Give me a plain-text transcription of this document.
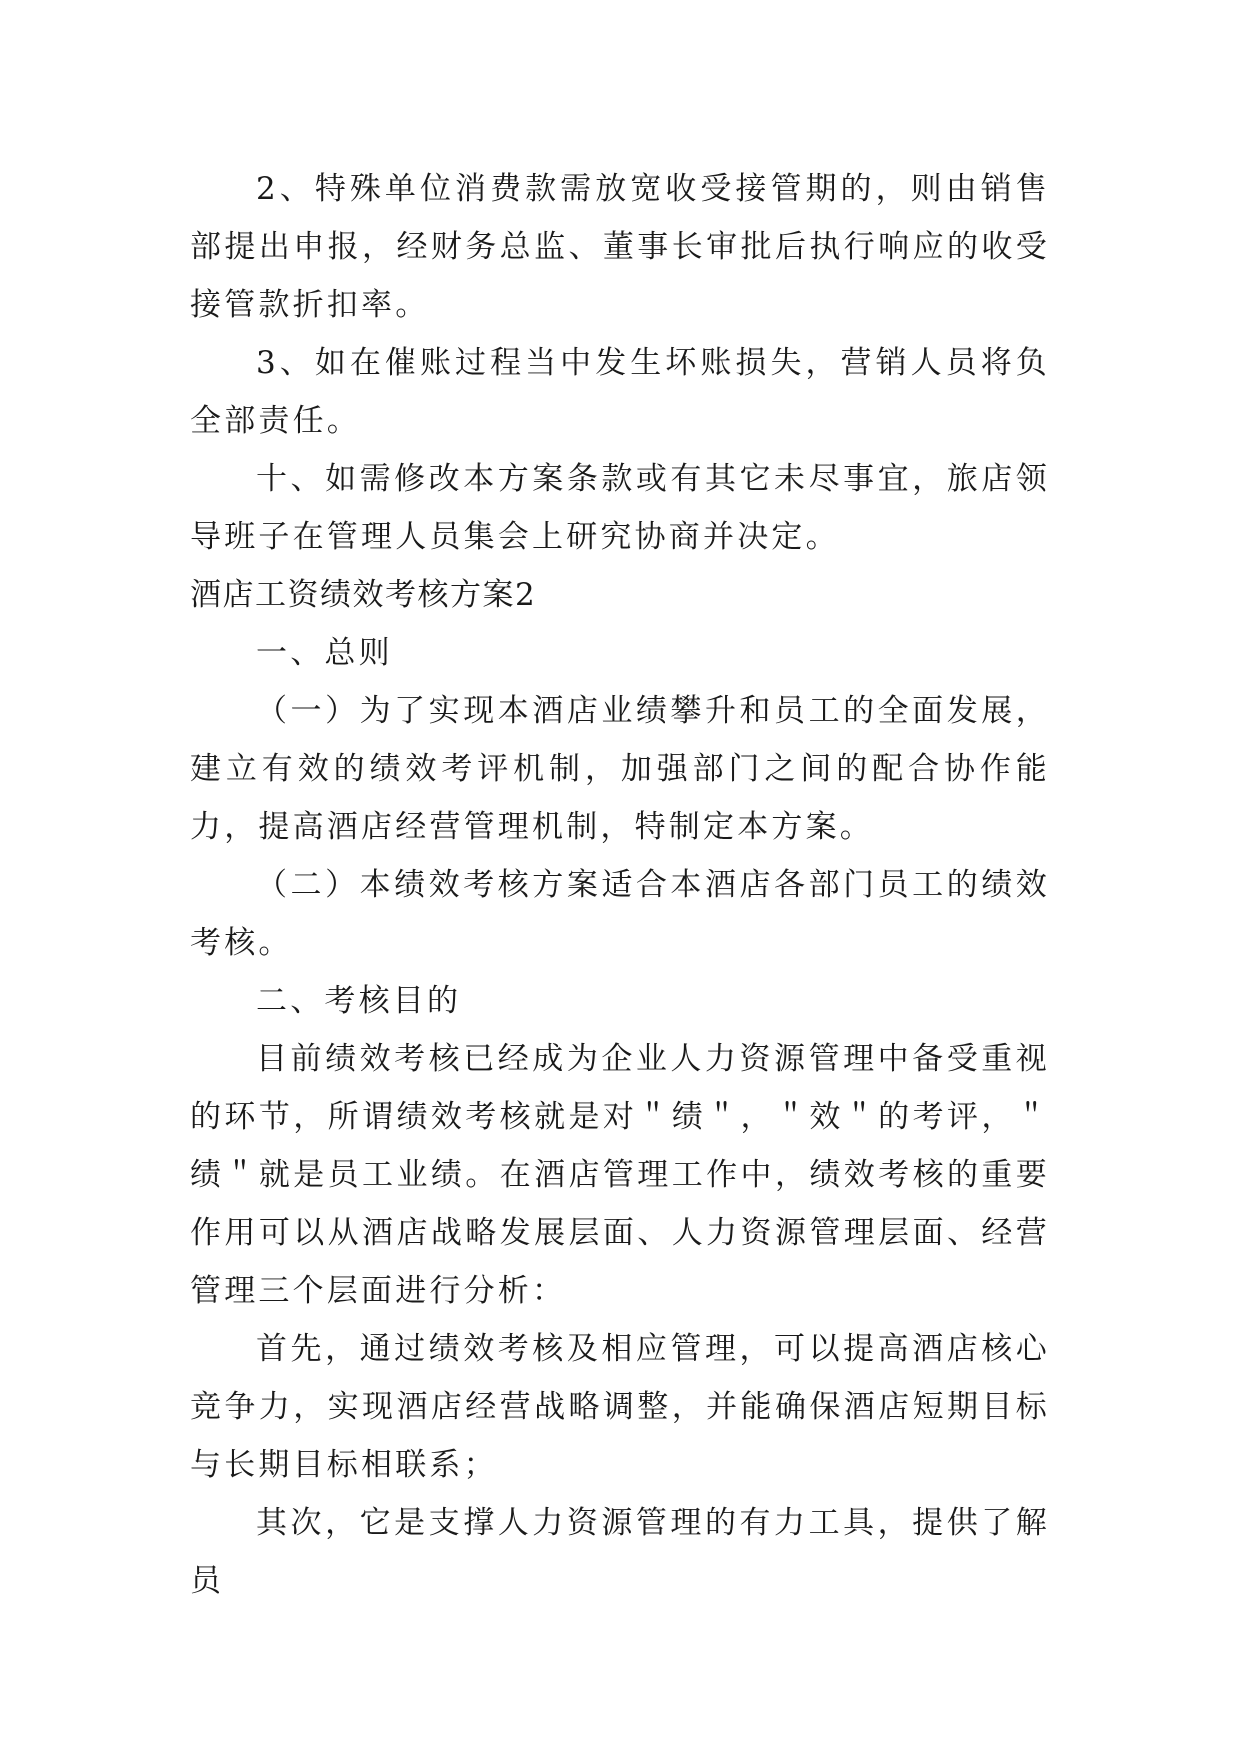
2、特殊单位消费款需放宽收受接管期的，则由销售部提出申报，经财务总监、董事长审批后执行响应的收受接管款折扣率。

3、如在催账过程当中发生坏账损失，营销人员将负全部责任。

十、如需修改本方案条款或有其它未尽事宜，旅店领导班子在管理人员集会上研究协商并决定。

酒店工资绩效考核方案2

一、总则

（一）为了实现本酒店业绩攀升和员工的全面发展，建立有效的绩效考评机制，加强部门之间的配合协作能力，提高酒店经营管理机制，特制定本方案。

（二）本绩效考核方案适合本酒店各部门员工的绩效考核。

二、考核目的

目前绩效考核已经成为企业人力资源管理中备受重视的环节，所谓绩效考核就是对＂绩＂，＂效＂的考评，＂绩＂就是员工业绩。在酒店管理工作中，绩效考核的重要作用可以从酒店战略发展层面、人力资源管理层面、经营管理三个层面进行分析：

首先，通过绩效考核及相应管理，可以提高酒店核心竞争力，实现酒店经营战略调整，并能确保酒店短期目标与长期目标相联系；

其次，它是支撑人力资源管理的有力工具，提供了解员
